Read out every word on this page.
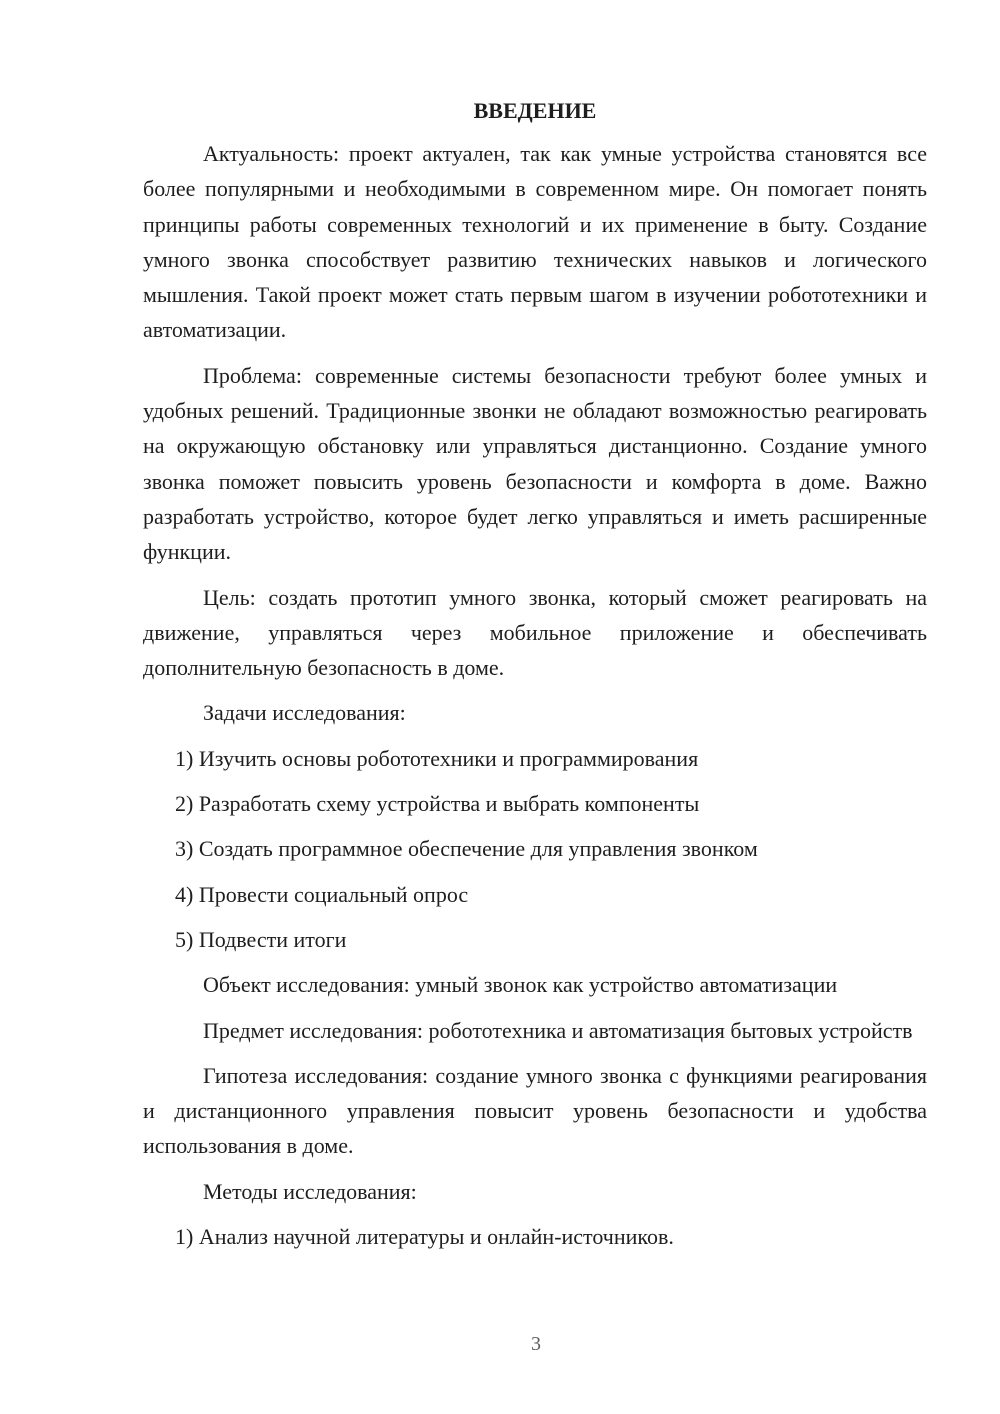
ВВЕДЕНИЕ

Актуальность: проект актуален, так как умные устройства становятся все более популярными и необходимыми в современном мире. Он помогает понять принципы работы современных технологий и их применение в быту. Создание умного звонка способствует развитию технических навыков и логического мышления. Такой проект может стать первым шагом в изучении робототехники и автоматизации.

Проблема: современные системы безопасности требуют более умных и удобных решений. Традиционные звонки не обладают возможностью реагировать на окружающую обстановку или управляться дистанционно. Создание умного звонка поможет повысить уровень безопасности и комфорта в доме. Важно разработать устройство, которое будет легко управляться и иметь расширенные функции.

Цель: создать прототип умного звонка, который сможет реагировать на движение, управляться через мобильное приложение и обеспечивать дополнительную безопасность в доме.

Задачи исследования:
1) Изучить основы робототехники и программирования
2) Разработать схему устройства и выбрать компоненты
3) Создать программное обеспечение для управления звонком
4) Провести социальный опрос
5) Подвести итоги

Объект исследования: умный звонок как устройство автоматизации

Предмет исследования: робототехника и автоматизация бытовых устройств

Гипотеза исследования: создание умного звонка с функциями реагирования и дистанционного управления повысит уровень безопасности и удобства использования в доме.

Методы исследования:
1) Анализ научной литературы и онлайн-источников.
3
